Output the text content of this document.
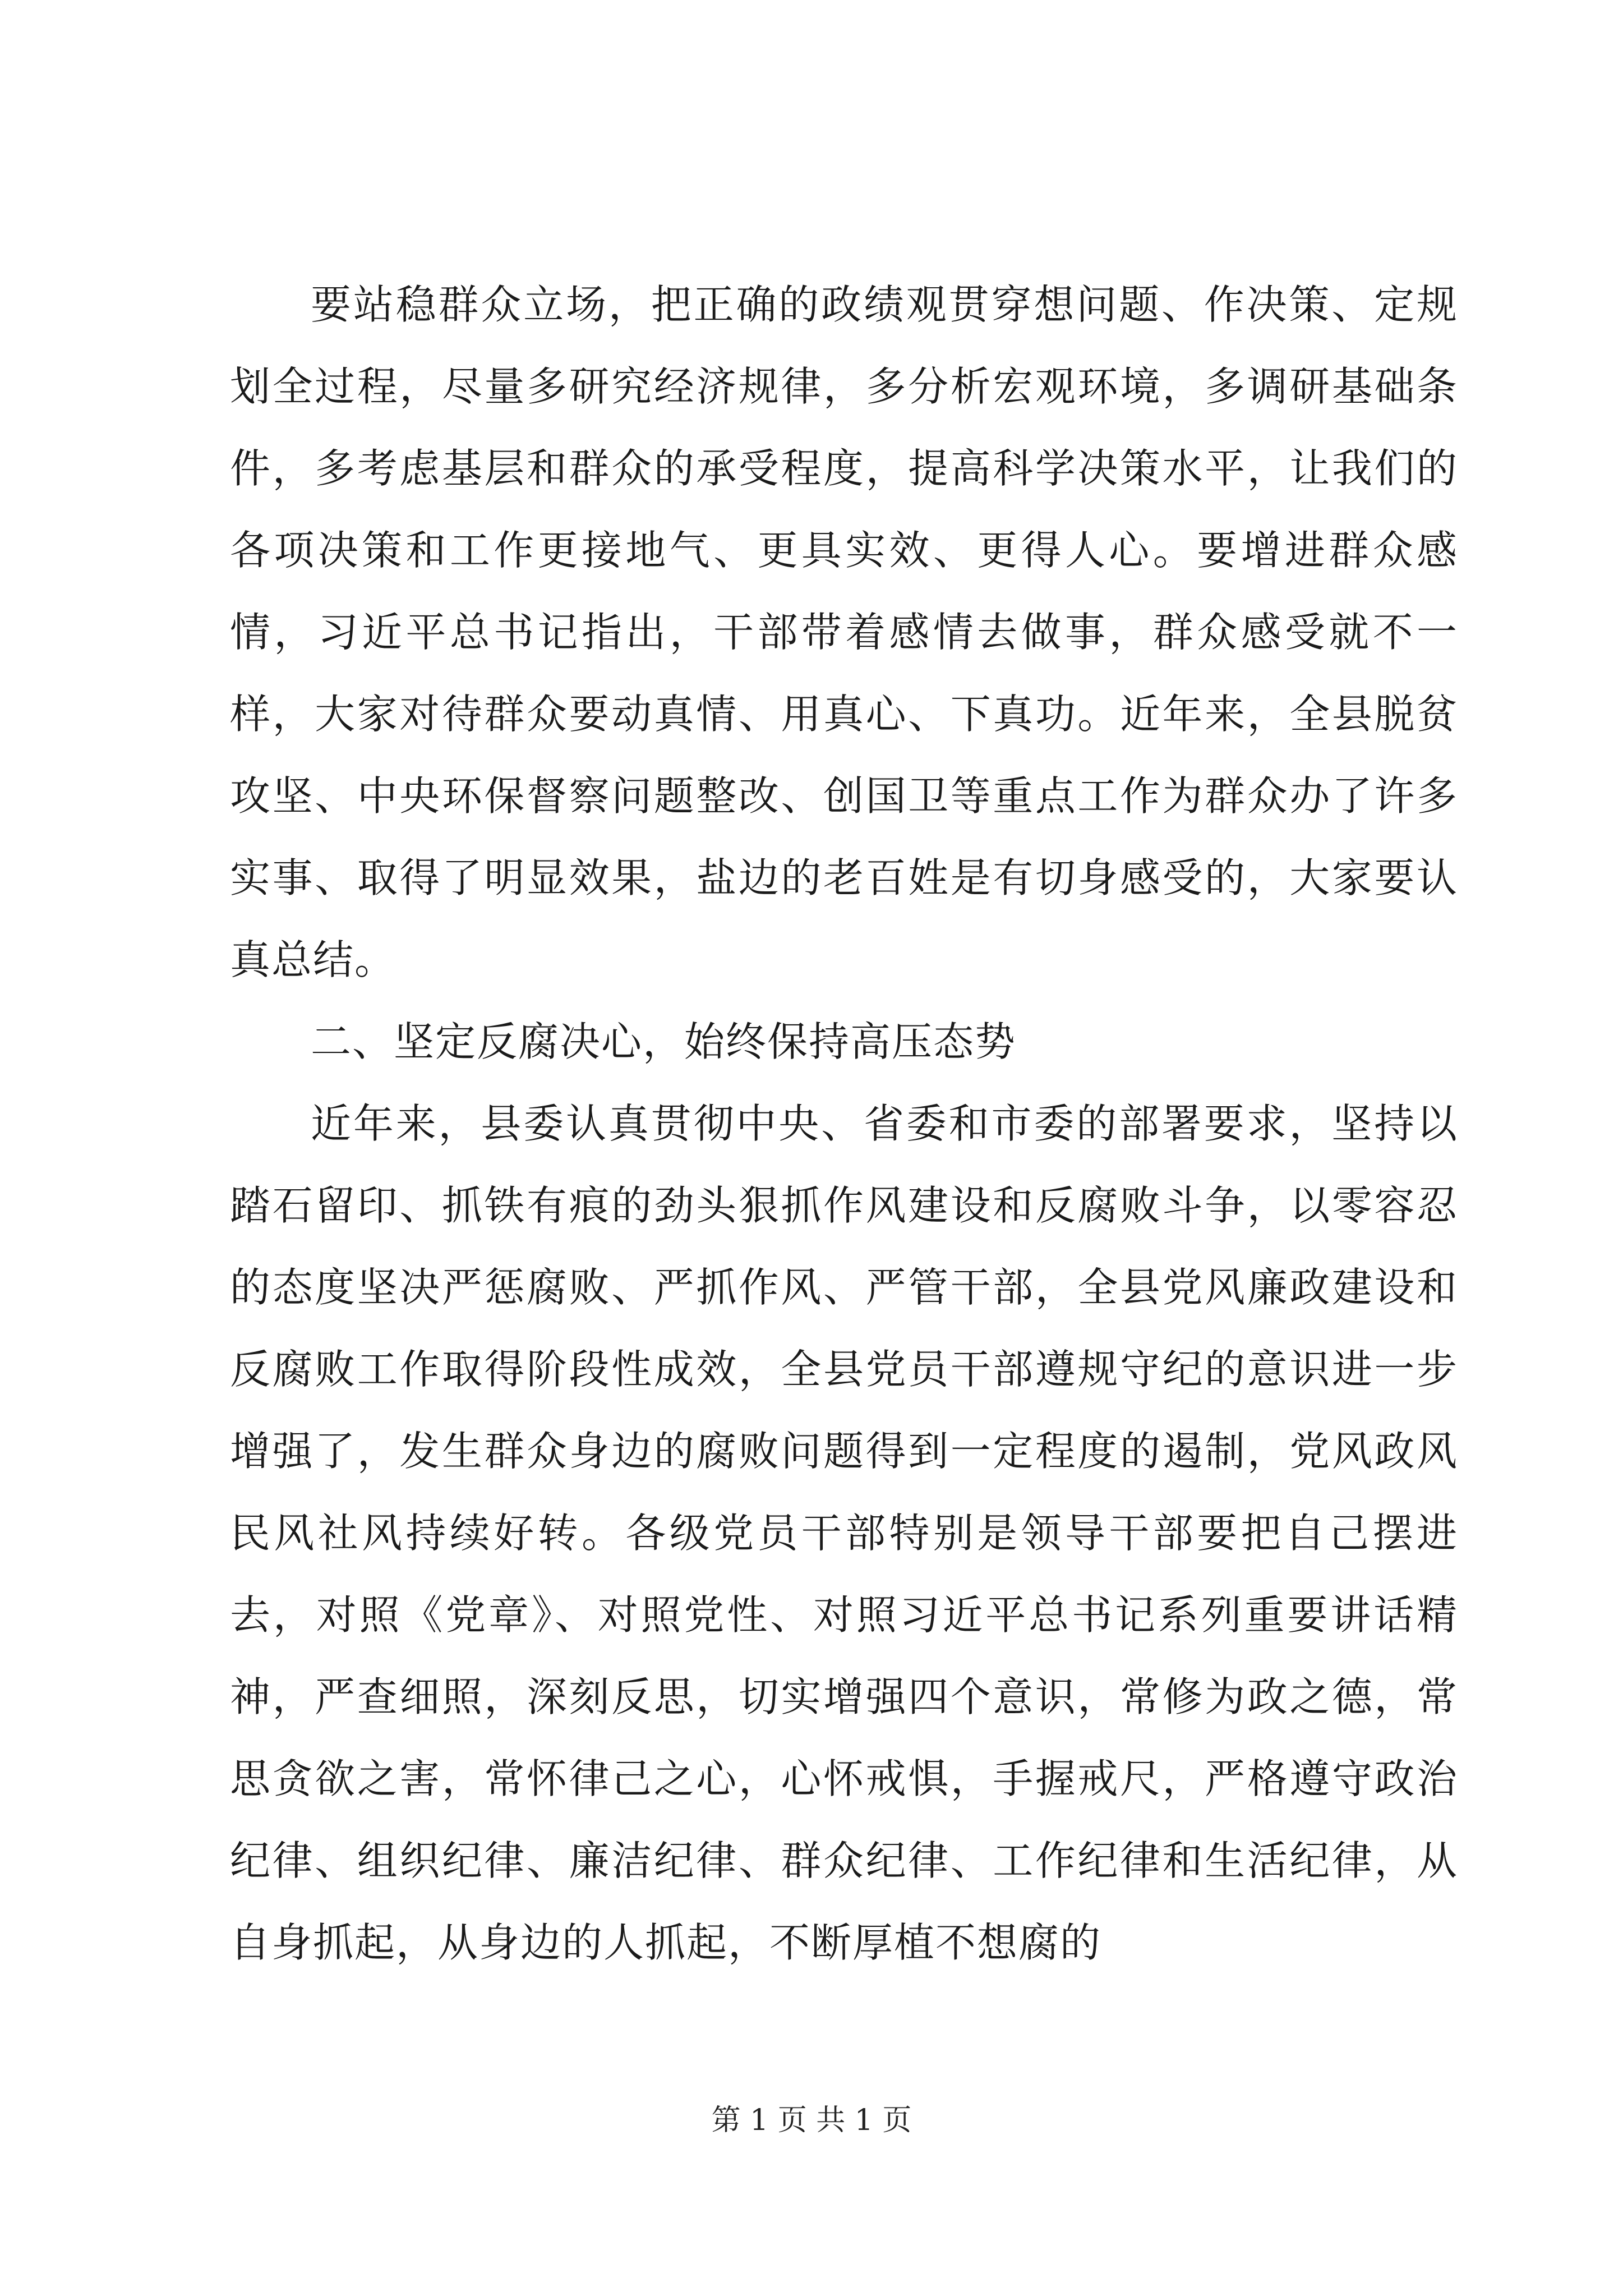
要站稳群众立场，把正确的政绩观贯穿想问题、作决策、定规划全过程，尽量多研究经济规律，多分析宏观环境，多调研基础条件，多考虑基层和群众的承受程度，提高科学决策水平，让我们的各项决策和工作更接地气、更具实效、更得人心。要增进群众感情，习近平总书记指出，干部带着感情去做事，群众感受就不一样，大家对待群众要动真情、用真心、下真功。近年来，全县脱贫攻坚、中央环保督察问题整改、创国卫等重点工作为群众办了许多实事、取得了明显效果，盐边的老百姓是有切身感受的，大家要认真总结。

二、坚定反腐决心，始终保持高压态势

近年来，县委认真贯彻中央、省委和市委的部署要求，坚持以踏石留印、抓铁有痕的劲头狠抓作风建设和反腐败斗争，以零容忍的态度坚决严惩腐败、严抓作风、严管干部，全县党风廉政建设和反腐败工作取得阶段性成效，全县党员干部遵规守纪的意识进一步增强了，发生群众身边的腐败问题得到一定程度的遏制，党风政风民风社风持续好转。各级党员干部特别是领导干部要把自己摆进去，对照《党章》、对照党性、对照习近平总书记系列重要讲话精神，严查细照，深刻反思，切实增强四个意识，常修为政之德，常思贪欲之害，常怀律己之心，心怀戒惧，手握戒尺，严格遵守政治纪律、组织纪律、廉洁纪律、群众纪律、工作纪律和生活纪律，从自身抓起，从身边的人抓起，不断厚植不想腐的

第 1 页 共 1 页
